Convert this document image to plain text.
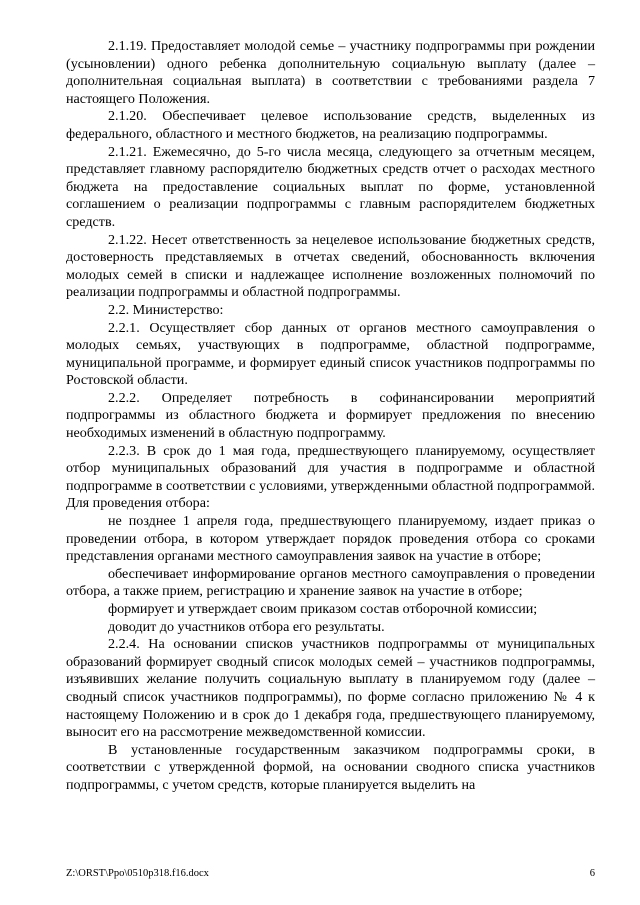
2.1.19. Предоставляет молодой семье – участнику подпрограммы при рождении (усыновлении) одного ребенка дополнительную социальную выплату (далее – дополнительная социальная выплата) в соответствии с требованиями раздела 7 настоящего Положения.

2.1.20. Обеспечивает целевое использование средств, выделенных из федерального, областного и местного бюджетов, на реализацию подпрограммы.

2.1.21. Ежемесячно, до 5-го числа месяца, следующего за отчетным месяцем, представляет главному распорядителю бюджетных средств отчет о расходах местного бюджета на предоставление социальных выплат по форме, установленной соглашением о реализации подпрограммы с главным распорядителем бюджетных средств.

2.1.22. Несет ответственность за нецелевое использование бюджетных средств, достоверность представляемых в отчетах сведений, обоснованность включения молодых семей в списки и надлежащее исполнение возложенных полномочий по реализации подпрограммы и областной подпрограммы.

2.2. Министерство:

2.2.1. Осуществляет сбор данных от органов местного самоуправления о молодых семьях, участвующих в подпрограмме, областной подпрограмме, муниципальной программе, и формирует единый список участников подпрограммы по Ростовской области.

2.2.2. Определяет потребность в софинансировании мероприятий подпрограммы из областного бюджета и формирует предложения по внесению необходимых изменений в областную подпрограмму.

2.2.3. В срок до 1 мая года, предшествующего планируемому, осуществляет отбор муниципальных образований для участия в подпрограмме и областной подпрограмме в соответствии с условиями, утвержденными областной подпрограммой. Для проведения отбора:

не позднее 1 апреля года, предшествующего планируемому, издает приказ о проведении отбора, в котором утверждает порядок проведения отбора со сроками представления органами местного самоуправления заявок на участие в отборе;

обеспечивает информирование органов местного самоуправления о проведении отбора, а также прием, регистрацию и хранение заявок на участие в отборе;

формирует и утверждает своим приказом состав отборочной комиссии;

доводит до участников отбора его результаты.

2.2.4. На основании списков участников подпрограммы от муниципальных образований формирует сводный список молодых семей – участников подпрограммы, изъявивших желание получить социальную выплату в планируемом году (далее – сводный список участников подпрограммы), по форме согласно приложению № 4 к настоящему Положению и в срок до 1 декабря года, предшествующего планируемому, выносит его на рассмотрение межведомственной комиссии.

В установленные государственным заказчиком подпрограммы сроки, в соответствии с утвержденной формой, на основании сводного списка участников подпрограммы, с учетом средств, которые планируется выделить на

Z:\ORST\Ppo\0510p318.f16.docx	6
